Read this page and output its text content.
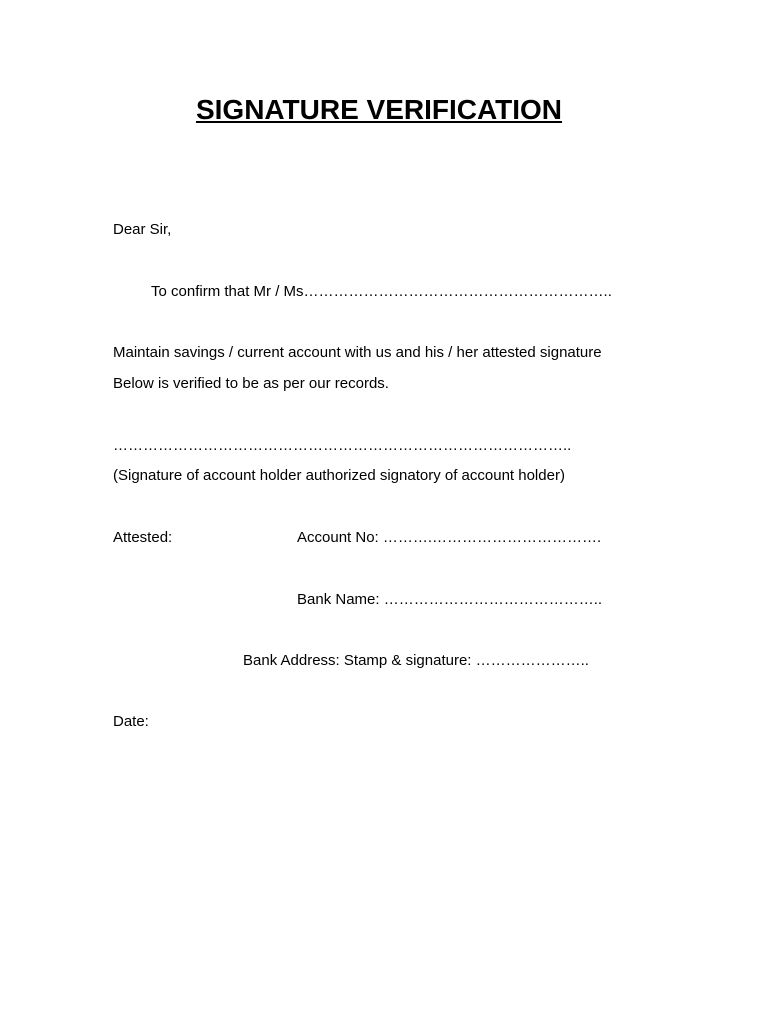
SIGNATURE VERIFICATION
Dear Sir,
To confirm that Mr / Ms……………………………………………………..
Maintain savings / current account with us and his / her attested signature
Below is verified to be as per our records.
………………………………………………………………………………..
(Signature of account holder authorized signatory of account holder)
Attested:	Account No: ……….…………………………….
Bank Name: ……………………………………..
Bank Address: Stamp & signature: …………………..
Date:
